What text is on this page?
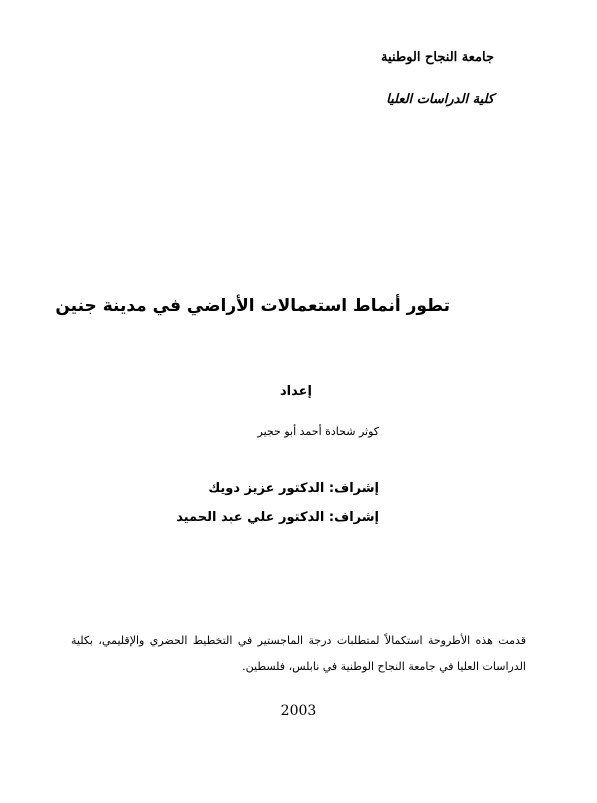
جامعة النجاح الوطنية
كلية الدراسات العليا
تطور أنماط استعمالات الأراضي في مدينة جنين
إعداد
كوثر شحادة أحمد أبو حجير
إشراف: الدكتور عزيز دويك
إشراف: الدكتور علي عبد الحميد
قدمت هذه الأطروحة استكمالاً لمتطلبات درجة الماجستير في التخطيط الحضري والإقليمي، بكلية الدراسات العليا في جامعة النجاح الوطنية في نابلس، فلسطين.
2003
